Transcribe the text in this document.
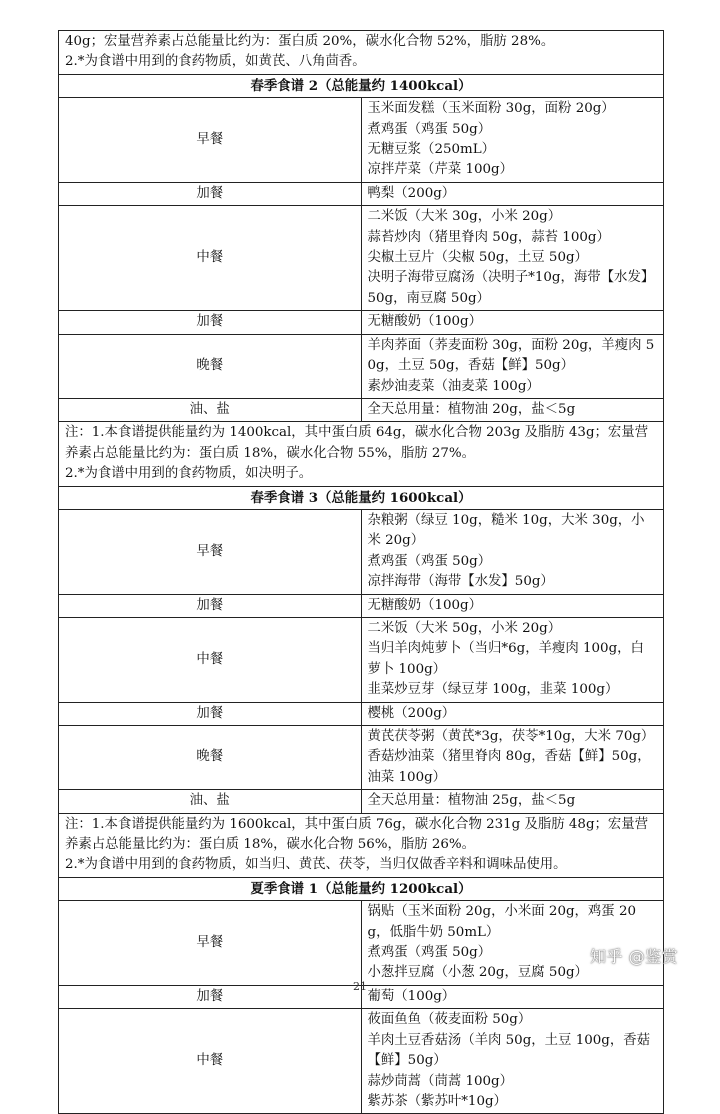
40g；宏量营养素占总能量比约为：蛋白质 20%，碳水化合物 52%，脂肪 28%。
2.*为食谱中用到的食药物质，如黄芪、八角茴香。	

春季食谱 2（总能量约 1400kcal）	
早餐	玉米面发糕（玉米面粉 30g，面粉 20g）
煮鸡蛋（鸡蛋 50g）
无糖豆浆（250mL）
凉拌芹菜（芹菜 100g）

加餐	鸭梨（200g）

中餐	二米饭（大米 30g，小米 20g）
蒜苔炒肉（猪里脊肉 50g，蒜苔 100g）
尖椒土豆片（尖椒 50g，土豆 50g）
决明子海带豆腐汤（决明子*10g，海带【水发】50g，南豆腐 50g）

加餐	无糖酸奶（100g）

晚餐	羊肉荞面（荞麦面粉 30g，面粉 20g，羊瘦肉 50g，土豆 50g，香菇【鲜】50g）
素炒油麦菜（油麦菜 100g）

油、盐	全天总用量：植物油 20g，盐＜5g

注：1.本食谱提供能量约为 1400kcal，其中蛋白质 64g，碳水化合物 203g 及脂肪 43g；宏量营养素占总能量比约为：蛋白质 18%，碳水化合物 55%，脂肪 27%。
2.*为食谱中用到的食药物质，如决明子。	

春季食谱 3（总能量约 1600kcal）	
早餐	杂粮粥（绿豆 10g，糙米 10g，大米 30g，小米 20g）
煮鸡蛋（鸡蛋 50g）
凉拌海带（海带【水发】50g）

加餐	无糖酸奶（100g）

中餐	二米饭（大米 50g，小米 20g）
当归羊肉炖萝卜（当归*6g，羊瘦肉 100g，白萝卜 100g）
韭菜炒豆芽（绿豆芽 100g，韭菜 100g）

加餐	樱桃（200g）

晚餐	黄芪茯苓粥（黄芪*3g，茯苓*10g，大米 70g）
香菇炒油菜（猪里脊肉 80g，香菇【鲜】50g，油菜 100g）

油、盐	全天总用量：植物油 25g，盐＜5g

注：1.本食谱提供能量约为 1600kcal，其中蛋白质 76g，碳水化合物 231g 及脂肪 48g；宏量营养素占总能量比约为：蛋白质 18%，碳水化合物 56%，脂肪 26%。
2.*为食谱中用到的食药物质，如当归、黄芪、茯苓，当归仅做香辛料和调味品使用。	

夏季食谱 1（总能量约 1200kcal）	
早餐	锅贴（玉米面粉 20g，小米面 20g，鸡蛋 20g，低脂牛奶 50mL）
煮鸡蛋（鸡蛋 50g）
小葱拌豆腐（小葱 20g，豆腐 50g）

加餐	葡萄（100g）

中餐	莜面鱼鱼（莜麦面粉 50g）
羊肉土豆香菇汤（羊肉 50g，土豆 100g，香菇【鲜】50g）
蒜炒茼蒿（茼蒿 100g）
紫苏茶（紫苏叶*10g）
21
知乎 @鉴赏
